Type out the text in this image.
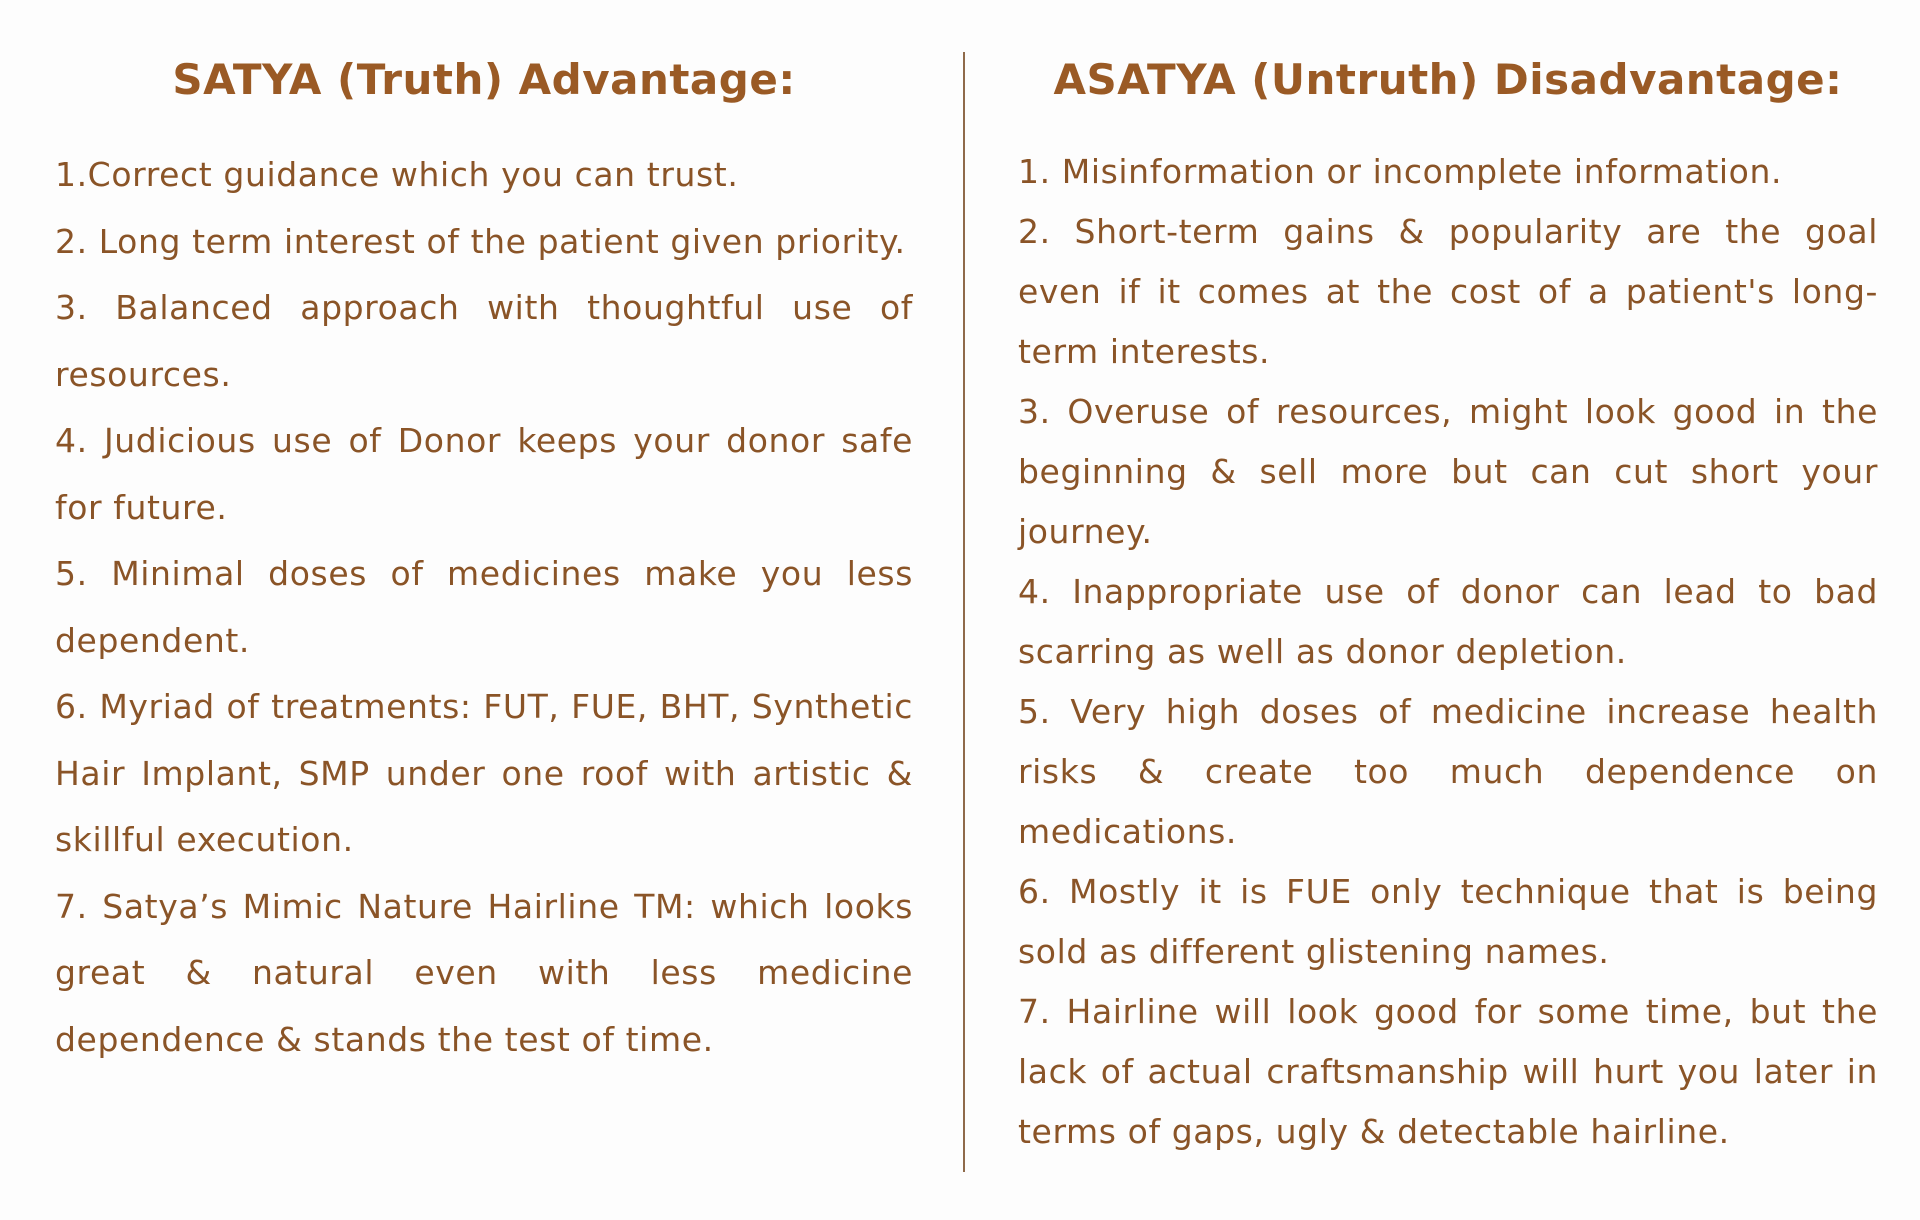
SATYA (Truth) Advantage:
1.Correct guidance which you can trust.
2. Long term interest of the patient given priority.
3. Balanced approach with thoughtful use of resources.
4. Judicious use of Donor keeps your donor safe for future.
5. Minimal doses of medicines make you less dependent.
6. Myriad of treatments: FUT, FUE, BHT, Synthetic Hair Implant, SMP under one roof with artistic & skillful execution.
7. Satya’s Mimic Nature Hairline TM: which looks great & natural even with less medicine dependence & stands the test of time.
ASATYA (Untruth) Disadvantage:
1. Misinformation or incomplete information.
2. Short-term gains & popularity are the goal even if it comes at the cost of a patient's long-term interests.
3. Overuse of resources, might look good in the beginning & sell more but can cut short your journey.
4. Inappropriate use of donor can lead to bad scarring as well as donor depletion.
5. Very high doses of medicine increase health risks & create too much dependence on medications.
6. Mostly it is FUE only technique that is being sold as different glistening names.
7. Hairline will look good for some time, but the lack of actual craftsmanship will hurt you later in terms of gaps, ugly & detectable hairline.
